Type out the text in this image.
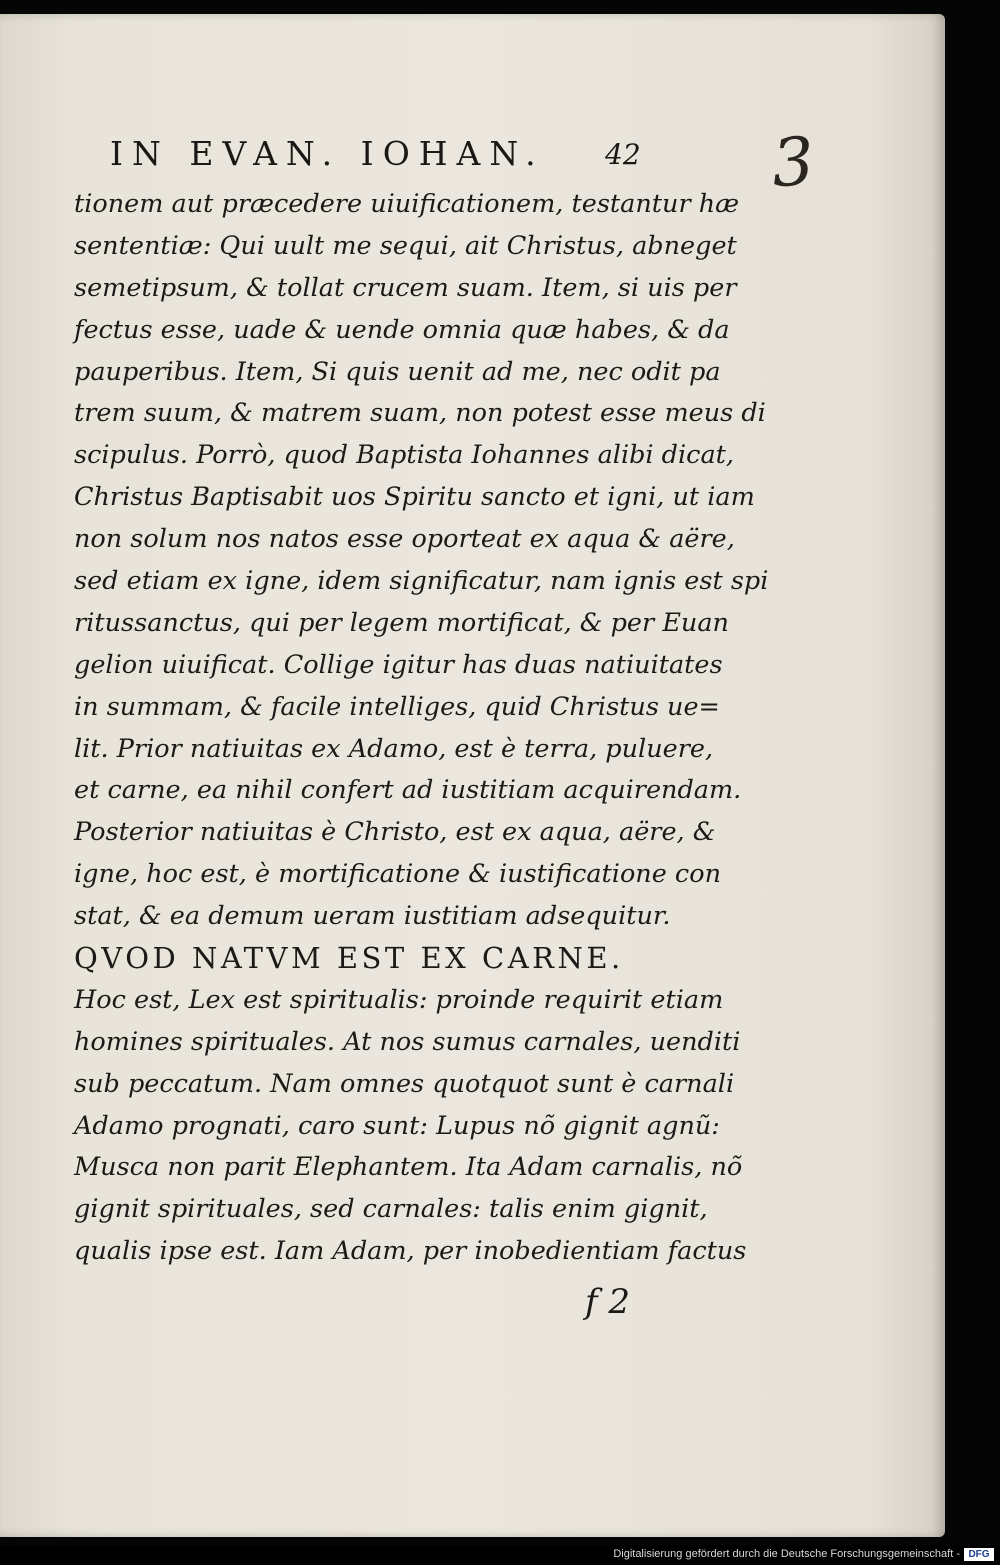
IN EVAN. IOHAN. 42 3
tionem aut præcedere uiuificationem, testantur hæ
sententiæ: Qui uult me sequi, ait Christus, abneget
semetipsum, & tollat crucem suam. Item, si uis per
fectus esse, uade & uende omnia quæ habes, & da
pauperibus. Item, Si quis uenit ad me, nec odit pa
trem suum, & matrem suam, non potest esse meus di
scipulus. Porrò, quod Baptista Iohannes alibi dicat,
Christus Baptisabit uos Spiritu sancto et igni, ut iam
non solum nos natos esse oporteat ex aqua & aëre,
sed etiam ex igne, idem significatur, nam ignis est spi
ritussanctus, qui per legem mortificat, & per Euan
gelion uiuificat. Collige igitur has duas natiuitates
in summam, & facile intelliges, quid Christus ue=
lit. Prior natiuitas ex Adamo, est è terra, puluere,
et carne, ea nihil confert ad iustitiam acquirendam.
Posterior natiuitas è Christo, est ex aqua, aëre, &
igne, hoc est, è mortificatione & iustificatione con
stat, & ea demum ueram iustitiam adsequitur.
QVOD NATVM EST EX CARNE.
Hoc est, Lex est spiritualis: proinde requirit etiam
homines spirituales. At nos sumus carnales, uenditi
sub peccatum. Nam omnes quotquot sunt è carnali
Adamo prognati, caro sunt: Lupus nõ gignit agnũ:
Musca non parit Elephantem. Ita Adam carnalis, nõ
gignit spirituales, sed carnales: talis enim gignit,
qualis ipse est. Iam Adam, per inobedientiam factus
f 2
Digitalisierung gefördert durch die Deutsche Forschungsgemeinschaft - DFG
